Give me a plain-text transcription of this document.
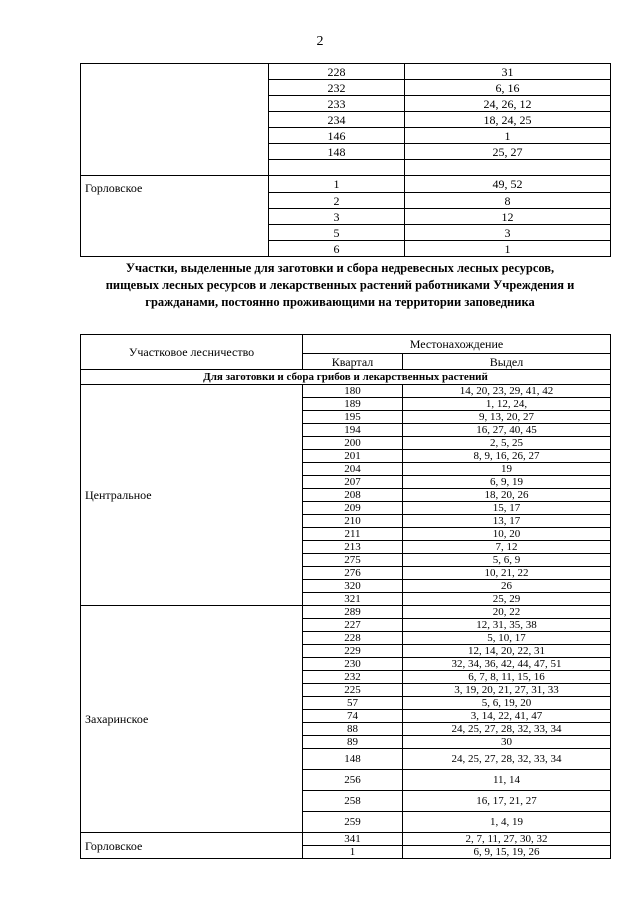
2
	228	31
	232	6, 16
	233	24, 26, 12
	234	18, 24, 25
	146	1
	148	25, 27

Горловское	1	49, 52
	2	8
	3	12
	5	3
	6	1
Участки, выделенные для заготовки и сбора недревесных лесных ресурсов,
пищевых лесных ресурсов и лекарственных растений работниками Учреждения и
гражданами, постоянно проживающими на территории заповедника
Участковое лесничество	Местонахождение	
	Квартал	Выдел
Для заготовки и сбора грибов и лекарственных растений		
Центральное	180	14, 20, 23, 29, 41, 42
	189	1, 12, 24,
	195	9, 13, 20, 27
	194	16, 27, 40, 45
	200	2, 5, 25
	201	8, 9, 16, 26, 27
	204	19
	207	6, 9, 19
	208	18, 20, 26
	209	15, 17
	210	13, 17
	211	10, 20
	213	7, 12
	275	5, 6, 9
	276	10, 21, 22
	320	26
	321	25, 29
Захаринское	289	20, 22
	227	12, 31, 35, 38
	228	5, 10, 17
	229	12, 14, 20, 22, 31
	230	32, 34, 36, 42, 44, 47, 51
	232	6, 7, 8, 11, 15, 16
	225	3, 19, 20, 21, 27, 31, 33
	57	5, 6, 19, 20
	74	3, 14, 22, 41, 47
	88	24, 25, 27, 28, 32, 33, 34
	89	30
	148	24, 25, 27, 28, 32, 33, 34
	256	11, 14
	258	16, 17, 21, 27
	259	1, 4, 19
Горловское	341	2, 7, 11, 27, 30, 32
	1	6, 9, 15, 19, 26
